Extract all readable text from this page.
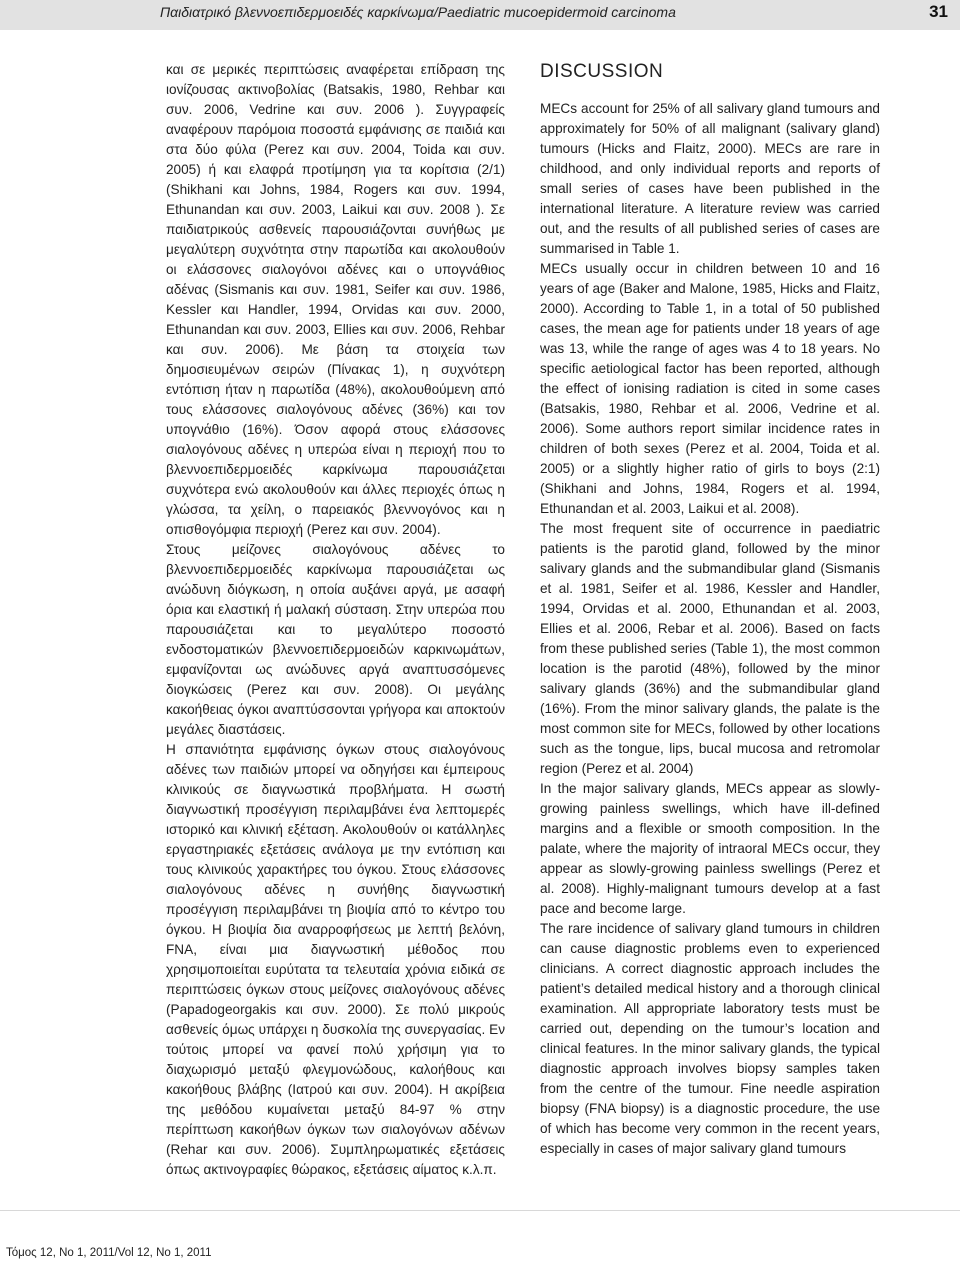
Παιδιατρικό βλεννοεπιδερμοειδές καρκίνωμα/Paediatric mucoepidermoid carcinoma	31

και σε μερικές περιπτώσεις αναφέρεται επίδραση της ιονίζουσας ακτινοβολίας (Batsakis, 1980, Rehbar και συν. 2006, Vedrine και συν. 2006 ). Συγγραφείς αναφέρουν παρόμοια ποσοστά εμφάνισης σε παιδιά και στα δύο φύλα (Perez και συν. 2004, Toida και συν. 2005) ή και ελαφρά προτίμηση για τα κορίτσια (2/1) (Shikhani και Johns, 1984, Rogers και συν. 1994, Ethunandan και συν. 2003, Laikui και συν. 2008 ). Σε παιδιατρικούς ασθενείς παρουσιάζονται συνήθως με μεγαλύτερη συχνότητα στην παρωτίδα και ακολουθούν οι ελάσσονες σιαλογόνοι αδένες και ο υπογνάθιος αδένας (Sismanis και συν. 1981, Seifer και συν. 1986, Kessler και Handler, 1994, Orvidas και συν. 2000, Ethunandan και συν. 2003, Ellies και συν. 2006, Rehbar και συν. 2006). Με βάση τα στοιχεία των δημοσιευμένων σειρών (Πίνακας 1), η συχνότερη εντόπιση ήταν η παρωτίδα (48%), ακολουθούμενη από τους ελάσσονες σιαλογόνους αδένες (36%) και τον υπογνάθιο (16%). Όσον αφορά στους ελάσσονες σιαλογόνους αδένες η υπερώα είναι η περιοχή που το βλεννοεπιδερμοειδές καρκίνωμα παρουσιάζεται συχνότερα ενώ ακολουθούν και άλλες περιοχές όπως η γλώσσα, τα χείλη, ο παρειακός βλεννογόνος και η οπισθογόμφια περιοχή (Perez και συν. 2004).

Στους μείζονες σιαλογόνους αδένες το βλεννοεπιδερμοειδές καρκίνωμα παρουσιάζεται ως ανώδυνη διόγκωση, η οποία αυξάνει αργά, με ασαφή όρια και ελαστική ή μαλακή σύσταση. Στην υπερώα που παρουσιάζεται και το μεγαλύτερο ποσοστό ενδοστοματικών βλεννοεπιδερμοειδών καρκινωμάτων, εμφανίζονται ως ανώδυνες αργά αναπτυσσόμενες διογκώσεις (Perez και συν. 2008). Οι μεγάλης κακοήθειας όγκοι αναπτύσσονται γρήγορα και αποκτούν μεγάλες διαστάσεις.

Η σπανιότητα εμφάνισης όγκων στους σιαλογόνους αδένες των παιδιών μπορεί να οδηγήσει και έμπειρους κλινικούς σε διαγνωστικά προβλήματα. Η σωστή διαγνωστική προσέγγιση περιλαμβάνει ένα λεπτομερές ιστορικό και κλινική εξέταση. Ακολουθούν οι κατάλληλες εργαστηριακές εξετάσεις ανάλογα με την εντόπιση και τους κλινικούς χαρακτήρες του όγκου. Στους ελάσσονες σιαλογόνους αδένες η συνήθης διαγνωστική προσέγγιση περιλαμβάνει τη βιοψία από το κέντρο του όγκου. Η βιοψία δια αναρροφήσεως με λεπτή βελόνη, FNA, είναι μια διαγνωστική μέθοδος που χρησιμοποιείται ευρύτατα τα τελευταία χρόνια ειδικά σε περιπτώσεις όγκων στους μείζονες σιαλογόνους αδένες (Papadogeorgakis και συν. 2000). Σε πολύ μικρούς ασθενείς όμως υπάρχει η δυσκολία της συνεργασίας. Εν τούτοις μπορεί να φανεί πολύ χρήσιμη για το διαχωρισμό μεταξύ φλεγμονώδους, καλοήθους και κακοήθους βλάβης (Ιατρού και συν. 2004). Η ακρίβεια της μεθόδου κυμαίνεται μεταξύ 84-97 % στην περίπτωση κακοήθων όγκων των σιαλογόνων αδένων (Rehar και συν. 2006). Συμπληρωματικές εξετάσεις όπως ακτινογραφίες θώρακος, εξετάσεις αίματος κ.λ.π.

DISCUSSION

MECs account for 25% of all salivary gland tumours and approximately for 50% of all malignant (salivary gland) tumours (Hicks and Flaitz, 2000). MECs are rare in childhood, and only individual reports and reports of small series of cases have been published in the international literature. A literature review was carried out, and the results of all published series of cases are summarised in Table 1.

MECs usually occur in children between 10 and 16 years of age (Baker and Malone, 1985, Hicks and Flaitz, 2000). According to Table 1, in a total of 50 published cases, the mean age for patients under 18 years of age was 13, while the range of ages was 4 to 18 years. No specific aetiological factor has been reported, although the effect of ionising radiation is cited in some cases (Batsakis, 1980, Rehbar et al. 2006, Vedrine et al. 2006). Some authors report similar incidence rates in children of both sexes (Perez et al. 2004, Toida et al. 2005) or a slightly higher ratio of girls to boys (2:1) (Shikhani and Johns, 1984, Rogers et al. 1994, Ethunandan et al. 2003, Laikui et al. 2008).

The most frequent site of occurrence in paediatric patients is the parotid gland, followed by the minor salivary glands and the submandibular gland (Sismanis et al. 1981, Seifer et al. 1986, Kessler and Handler, 1994, Orvidas et al. 2000, Ethunandan et al. 2003, Ellies et al. 2006, Rebar et al. 2006). Based on facts from these published series (Table 1), the most common location is the parotid (48%), followed by the minor salivary glands (36%) and the submandibular gland (16%). From the minor salivary glands, the palate is the most common site for MECs, followed by other locations such as the tongue, lips, bucal mucosa and retromolar region (Perez et al. 2004)

In the major salivary glands, MECs appear as slowly-growing painless swellings, which have ill-defined margins and a flexible or smooth composition. In the palate, where the majority of intraoral MECs occur, they appear as slowly-growing painless swellings (Perez et al. 2008). Highly-malignant tumours develop at a fast pace and become large.

The rare incidence of salivary gland tumours in children can cause diagnostic problems even to experienced clinicians. A correct diagnostic approach includes the patient’s detailed medical history and a thorough clinical examination. All appropriate laboratory tests must be carried out, depending on the tumour’s location and clinical features. In the minor salivary glands, the typical diagnostic approach involves biopsy samples taken from the centre of the tumour. Fine needle aspiration biopsy (FNA biopsy) is a diagnostic procedure, the use of which has become very common in the recent years, especially in cases of major salivary gland tumours

Τόμος 12, No 1, 2011/Vol 12, No 1, 2011
